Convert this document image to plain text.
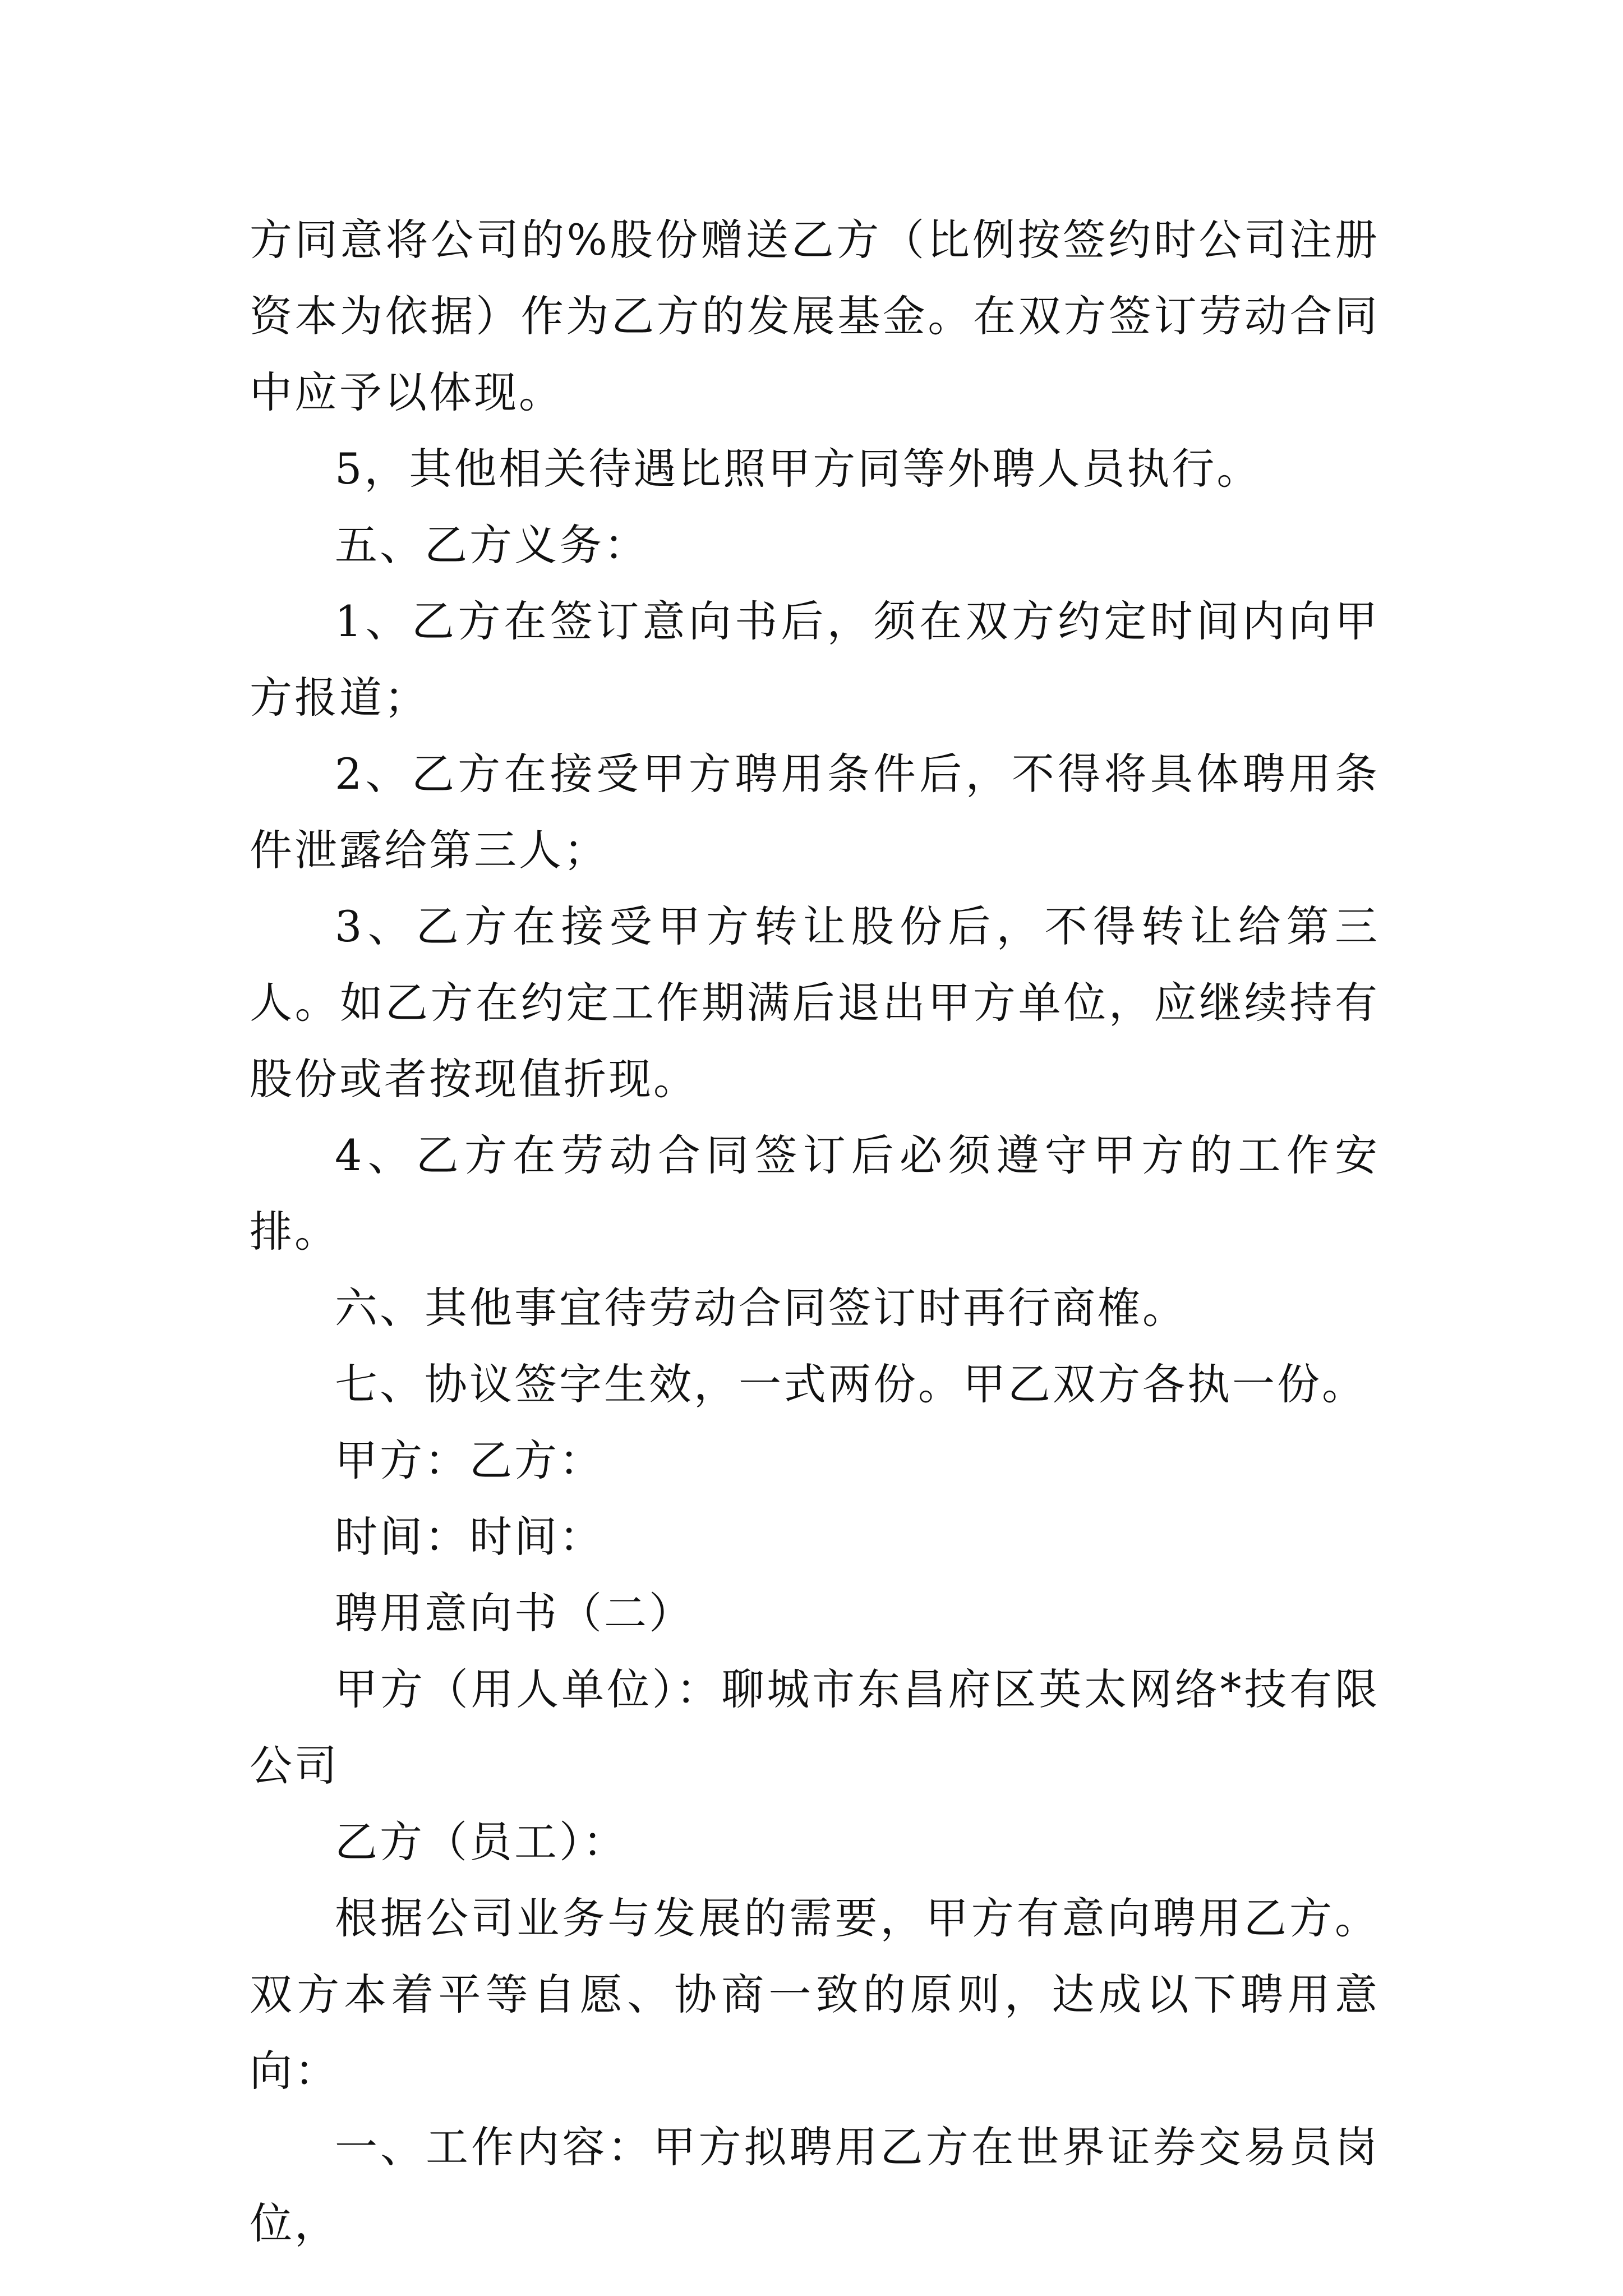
方同意将公司的%股份赠送乙方（比例按签约时公司注册资本为依据）作为乙方的发展基金。在双方签订劳动合同中应予以体现。

5，其他相关待遇比照甲方同等外聘人员执行。

五、乙方义务：

1、乙方在签订意向书后，须在双方约定时间内向甲方报道；

2、乙方在接受甲方聘用条件后，不得将具体聘用条件泄露给第三人；

3、乙方在接受甲方转让股份后，不得转让给第三人。如乙方在约定工作期满后退出甲方单位，应继续持有股份或者按现值折现。

4、乙方在劳动合同签订后必须遵守甲方的工作安排。

六、其他事宜待劳动合同签订时再行商榷。

七、协议签字生效，一式两份。甲乙双方各执一份。

甲方：乙方：

时间：时间：

聘用意向书（二）

甲方（用人单位）：聊城市东昌府区英太网络*技有限公司

乙方（员工）：

根据公司业务与发展的需要，甲方有意向聘用乙方。双方本着平等自愿、协商一致的原则，达成以下聘用意向：

一、工作内容：甲方拟聘用乙方在世界证券交易员岗位，
